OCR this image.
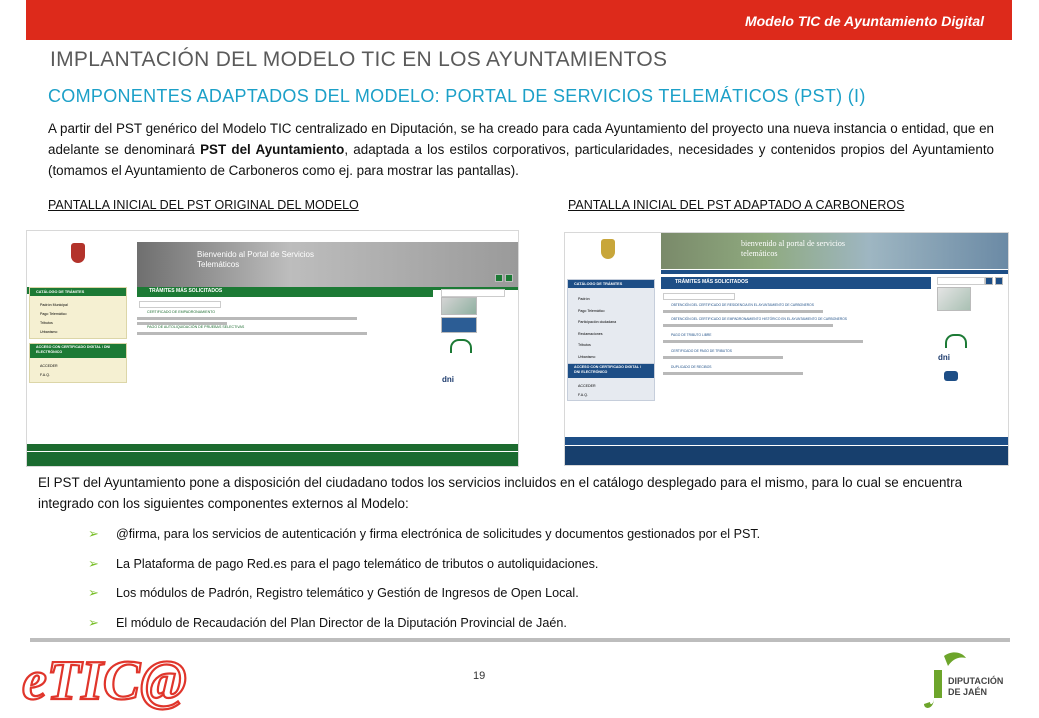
Modelo TIC de Ayuntamiento Digital
IMPLANTACIÓN DEL MODELO TIC EN LOS AYUNTAMIENTOS
COMPONENTES ADAPTADOS DEL MODELO: PORTAL DE SERVICIOS TELEMÁTICOS (PST) (I)
A partir del PST genérico del Modelo TIC centralizado en Diputación, se ha creado para cada Ayuntamiento del proyecto una nueva instancia o entidad, que en adelante se denominará PST del Ayuntamiento, adaptada a los estilos corporativos, particularidades, necesidades y contenidos propios del Ayuntamiento (tomamos el Ayuntamiento de Carboneros como ej. para mostrar las pantallas).
PANTALLA INICIAL DEL PST ORIGINAL DEL MODELO	PANTALLA INICIAL DEL PST ADAPTADO A CARBONEROS
Bienvenido al Portal de Servicios Telemáticos
CATÁLOGO DE TRÁMITES
Padrón Municipal
Pago Telemático
Tributos
Urbanismo
ACCESO CON CERTIFICADO DIGITAL / DNI ELECTRÓNICO
ACCEDER
F.A.Q.
TRÁMITES MÁS SOLICITADOS
CERTIFICADO DE EMPADRONAMIENTO
PAGO DE AUTOLIQUIDACIÓN DE PRUEBAS SELECTIVAS
dni
bienvenido al portal de servicios telemáticos
CATÁLOGO DE TRÁMITES
Padrón
Pago Telemático
Participación ciudadana
Reclamaciones
Tributos
Urbanismo
ACCESO CON CERTIFICADO DIGITAL / DNI ELECTRÓNICO
ACCEDER
F.A.Q.
TRÁMITES MÁS SOLICITADOS
OBTENCIÓN DEL CERTIFICADO DE RESIDENCIA EN EL AYUNTAMIENTO DE CARBONEROS
OBTENCIÓN DEL CERTIFICADO DE EMPADRONAMIENTO HISTÓRICO EN EL AYUNTAMIENTO DE CARBONEROS
PAGO DE TRIBUTO LIBRE
CERTIFICADO DE PAGO DE TRIBUTOS
DUPLICADO DE RECIBOS
dni
El PST del Ayuntamiento pone a disposición del ciudadano todos los servicios incluidos en el catálogo desplegado para el mismo, para lo cual se encuentra integrado con los siguientes componentes externos al Modelo:
➢ @firma, para los servicios de autenticación y firma electrónica de solicitudes y documentos gestionados por el PST.
➢ La Plataforma de pago Red.es para el pago telemático de tributos o autoliquidaciones.
➢ Los módulos de Padrón, Registro telemático y Gestión de Ingresos de Open Local.
➢ El módulo de Recaudación del Plan Director de la Diputación Provincial de Jaén.
19
eTIC@	DIPUTACIÓN
DE JAÉN
